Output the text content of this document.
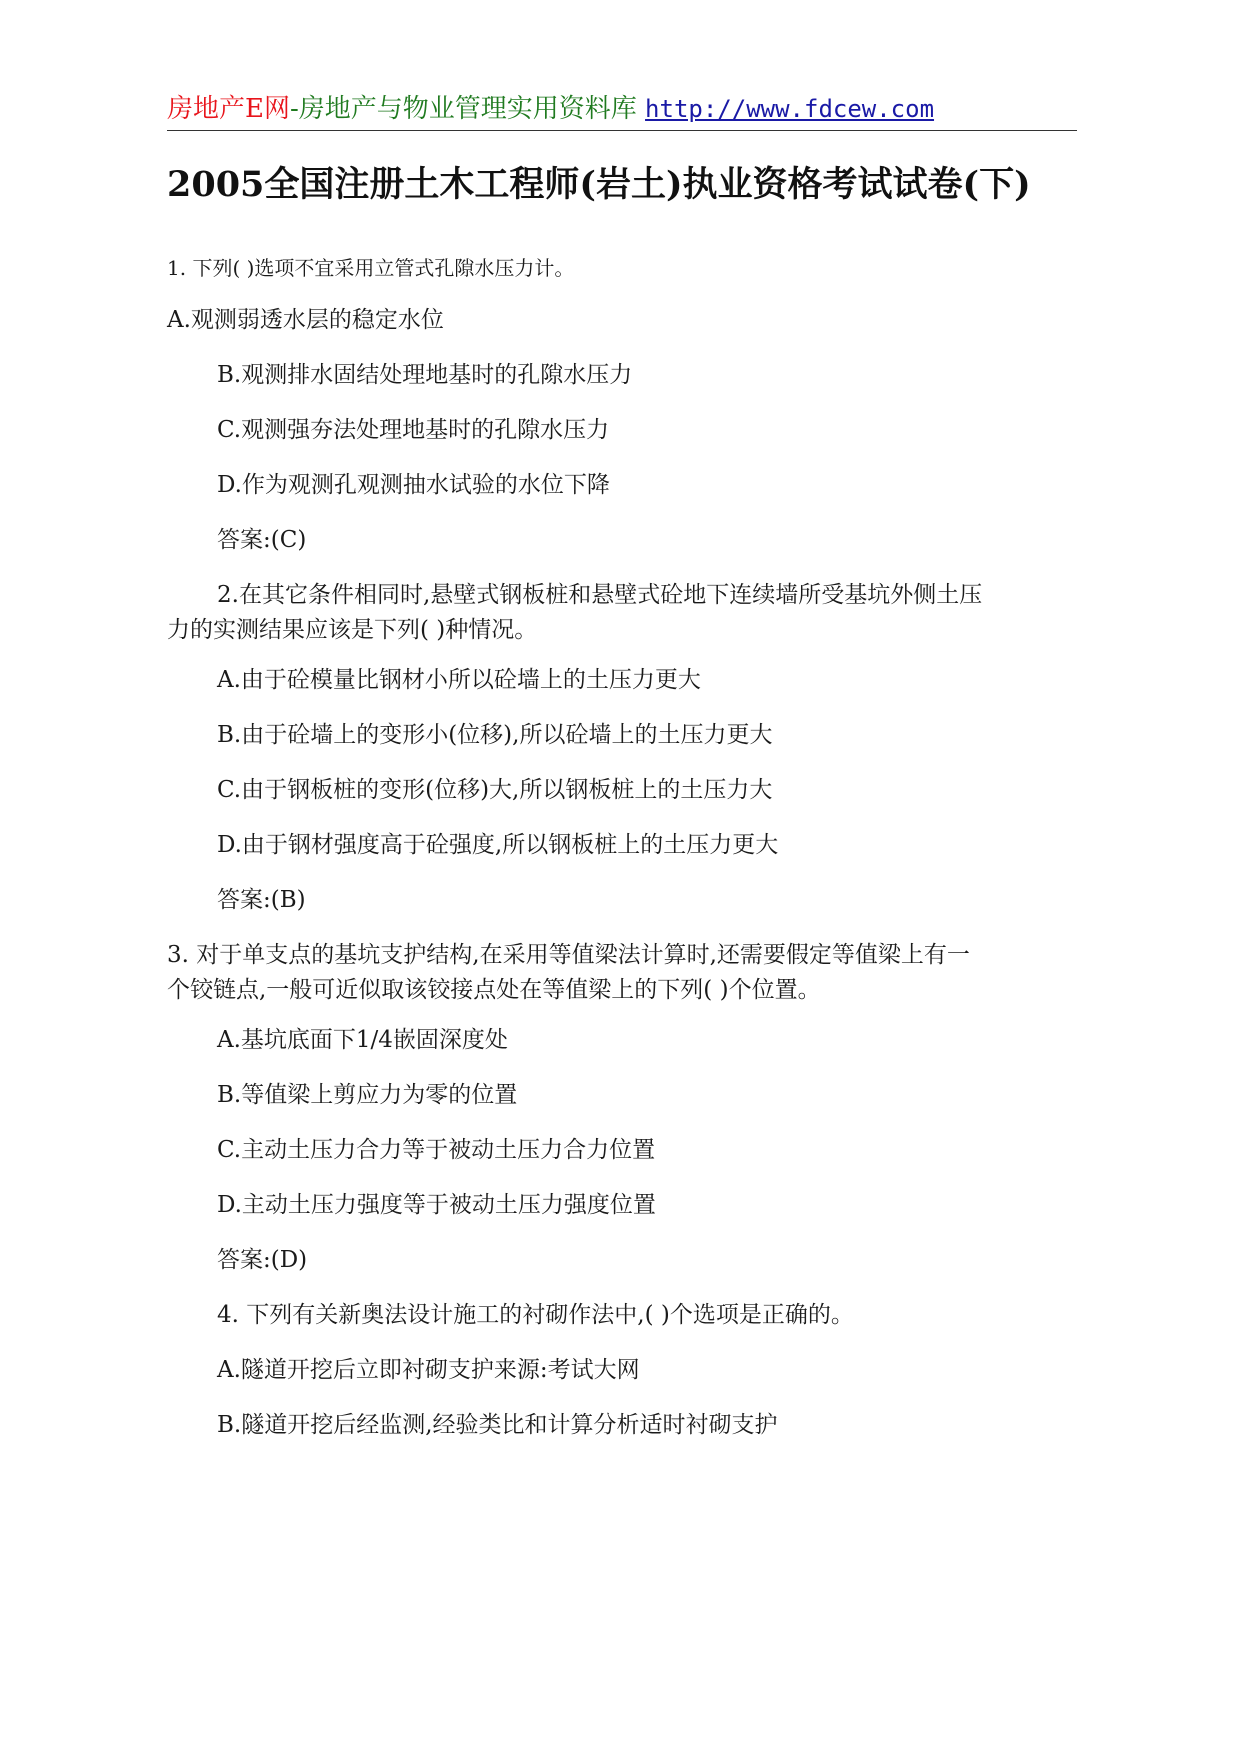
房地产E网-房地产与物业管理实用资料库 http://www.fdcew.com
2005全国注册土木工程师(岩土)执业资格考试试卷(下)
1. 下列( )选项不宜采用立管式孔隙水压力计。
A.观测弱透水层的稳定水位
B.观测排水固结处理地基时的孔隙水压力
C.观测强夯法处理地基时的孔隙水压力
D.作为观测孔观测抽水试验的水位下降
答案:(C)
2.在其它条件相同时,悬壁式钢板桩和悬壁式砼地下连续墙所受基坑外侧土压
力的实测结果应该是下列( )种情况。
A.由于砼模量比钢材小所以砼墙上的土压力更大
B.由于砼墙上的变形小(位移),所以砼墙上的土压力更大
C.由于钢板桩的变形(位移)大,所以钢板桩上的土压力大
D.由于钢材强度高于砼强度,所以钢板桩上的土压力更大
答案:(B)
3. 对于单支点的基坑支护结构,在采用等值梁法计算时,还需要假定等值梁上有一
个铰链点,一般可近似取该铰接点处在等值梁上的下列( )个位置。
A.基坑底面下1/4嵌固深度处
B.等值梁上剪应力为零的位置
C.主动土压力合力等于被动土压力合力位置
D.主动土压力强度等于被动土压力强度位置
答案:(D)
4. 下列有关新奥法设计施工的衬砌作法中,( )个选项是正确的。
A.隧道开挖后立即衬砌支护来源:考试大网
B.隧道开挖后经监测,经验类比和计算分析适时衬砌支护
